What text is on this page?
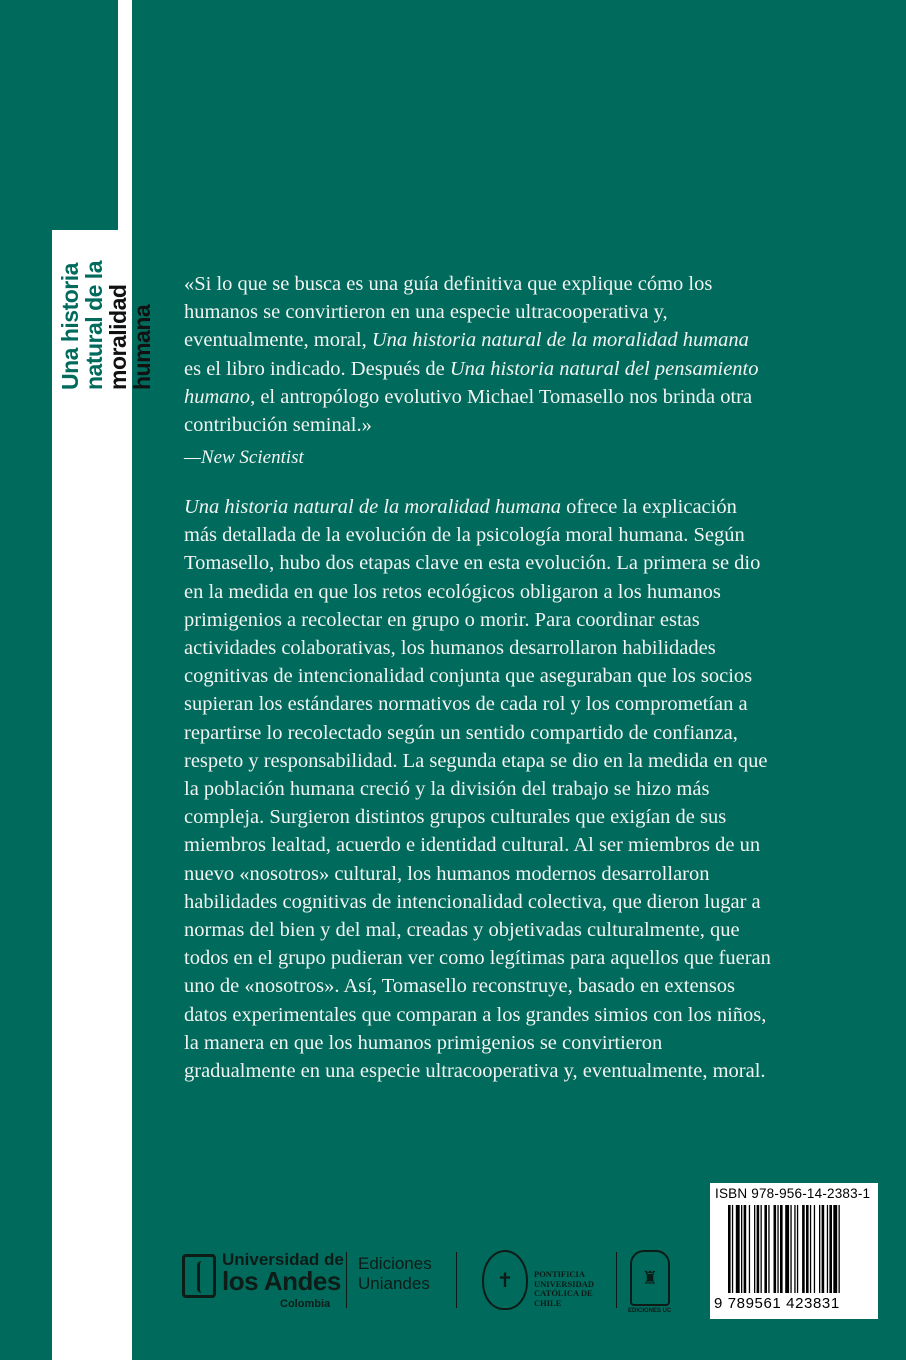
Una historia
natural de la
moralidad
humana

«Si lo que se busca es una guía definitiva que explique cómo los humanos se convirtieron en una especie ultracooperativa y, eventualmente, moral, Una historia natural de la moralidad humana es el libro indicado. Después de Una historia natural del pensamiento humano, el antropólogo evolutivo Michael Tomasello nos brinda otra contribución seminal.»

—New Scientist

Una historia natural de la moralidad humana ofrece la explicación más detallada de la evolución de la psicología moral humana. Según Tomasello, hubo dos etapas clave en esta evolución. La primera se dio en la medida en que los retos ecológicos obligaron a los humanos primigenios a recolectar en grupo o morir. Para coordinar estas actividades colaborativas, los humanos desarrollaron habilidades cognitivas de intencionalidad conjunta que aseguraban que los socios supieran los estándares normativos de cada rol y los comprometían a repartirse lo recolectado según un sentido compartido de confianza, respeto y responsabilidad. La segunda etapa se dio en la medida en que la población humana creció y la división del trabajo se hizo más compleja. Surgieron distintos grupos culturales que exigían de sus miembros lealtad, acuerdo e identidad cultural. Al ser miembros de un nuevo «nosotros» cultural, los humanos modernos desarrollaron habilidades cognitivas de intencionalidad colectiva, que dieron lugar a normas del bien y del mal, creadas y objetivadas culturalmente, que todos en el grupo pudieran ver como legítimas para aquellos que fueran uno de «nosotros». Así, Tomasello reconstruye, basado en extensos datos experimentales que comparan a los grandes simios con los niños, la manera en que los humanos primigenios se convirtieron gradualmente en una especie ultracooperativa y, eventualmente, moral.

Universidad de
los Andes
Colombia
Ediciones Uniandes	✝	PONTIFICIA UNIVERSIDAD CATÓLICA DE CHILE
♜
EDICIONES UC
ISBN 978-956-14-2383-1
9 789561 423831
